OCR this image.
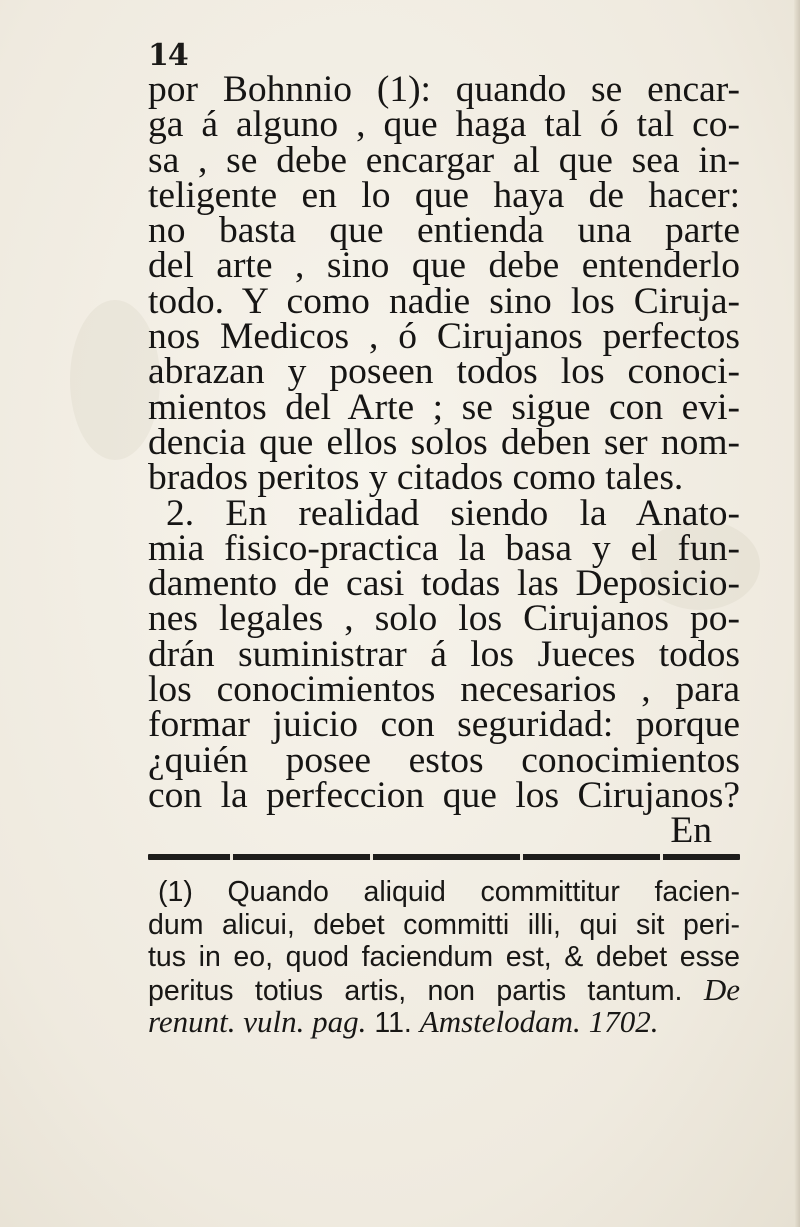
14
por Bohnnio (1): quando se encar-
ga á alguno , que haga tal ó tal co-
sa , se debe encargar al que sea in-
teligente en lo que haya de hacer:
no basta que entienda una parte
del arte , sino que debe entenderlo
todo. Y como nadie sino los Ciruja-
nos Medicos , ó Cirujanos perfectos
abrazan y poseen todos los conoci-
mientos del Arte ; se sigue con evi-
dencia que ellos solos deben ser nom-
brados peritos y citados como tales.
2. En realidad siendo la Anato-
mia fisico-practica la basa y el fun-
damento de casi todas las Deposicio-
nes legales , solo los Cirujanos po-
drán suministrar á los Jueces todos
los conocimientos necesarios , para
formar juicio con seguridad: porque
¿quién posee estos conocimientos
con la perfeccion que los Cirujanos?
En
(1) Quando aliquid committitur facien-
dum alicui, debet committi illi, qui sit peri-
tus in eo, quod faciendum est, & debet esse
peritus totius artis, non partis tantum. De
renunt. vuln. pag. 11. Amstelodam. 1702.
